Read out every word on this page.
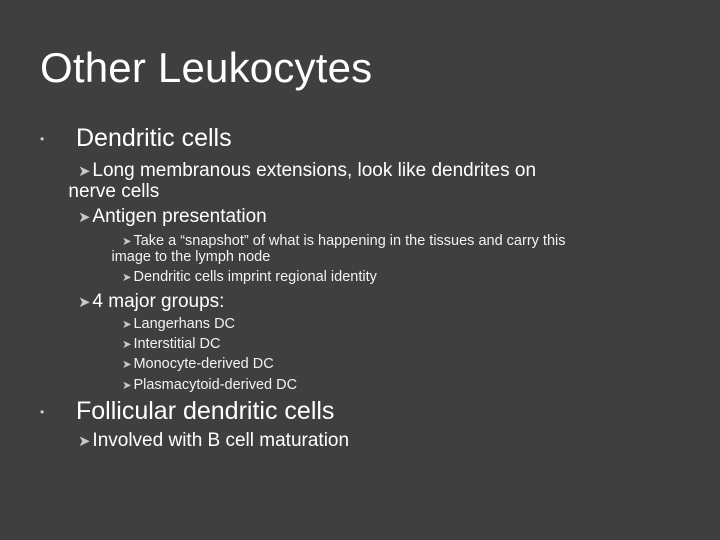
Other Leukocytes
• Dendritic cells
➤ Long membranous extensions, look like dendrites on
nerve cells
➤ Antigen presentation
➤ Take a “snapshot” of what is happening in the tissues and carry this
image to the lymph node
➤ Dendritic cells imprint regional identity
➤ 4 major groups:
➤ Langerhans DC
➤ Interstitial DC
➤ Monocyte-derived DC
➤ Plasmacytoid-derived DC
• Follicular dendritic cells
➤ Involved with B cell maturation
